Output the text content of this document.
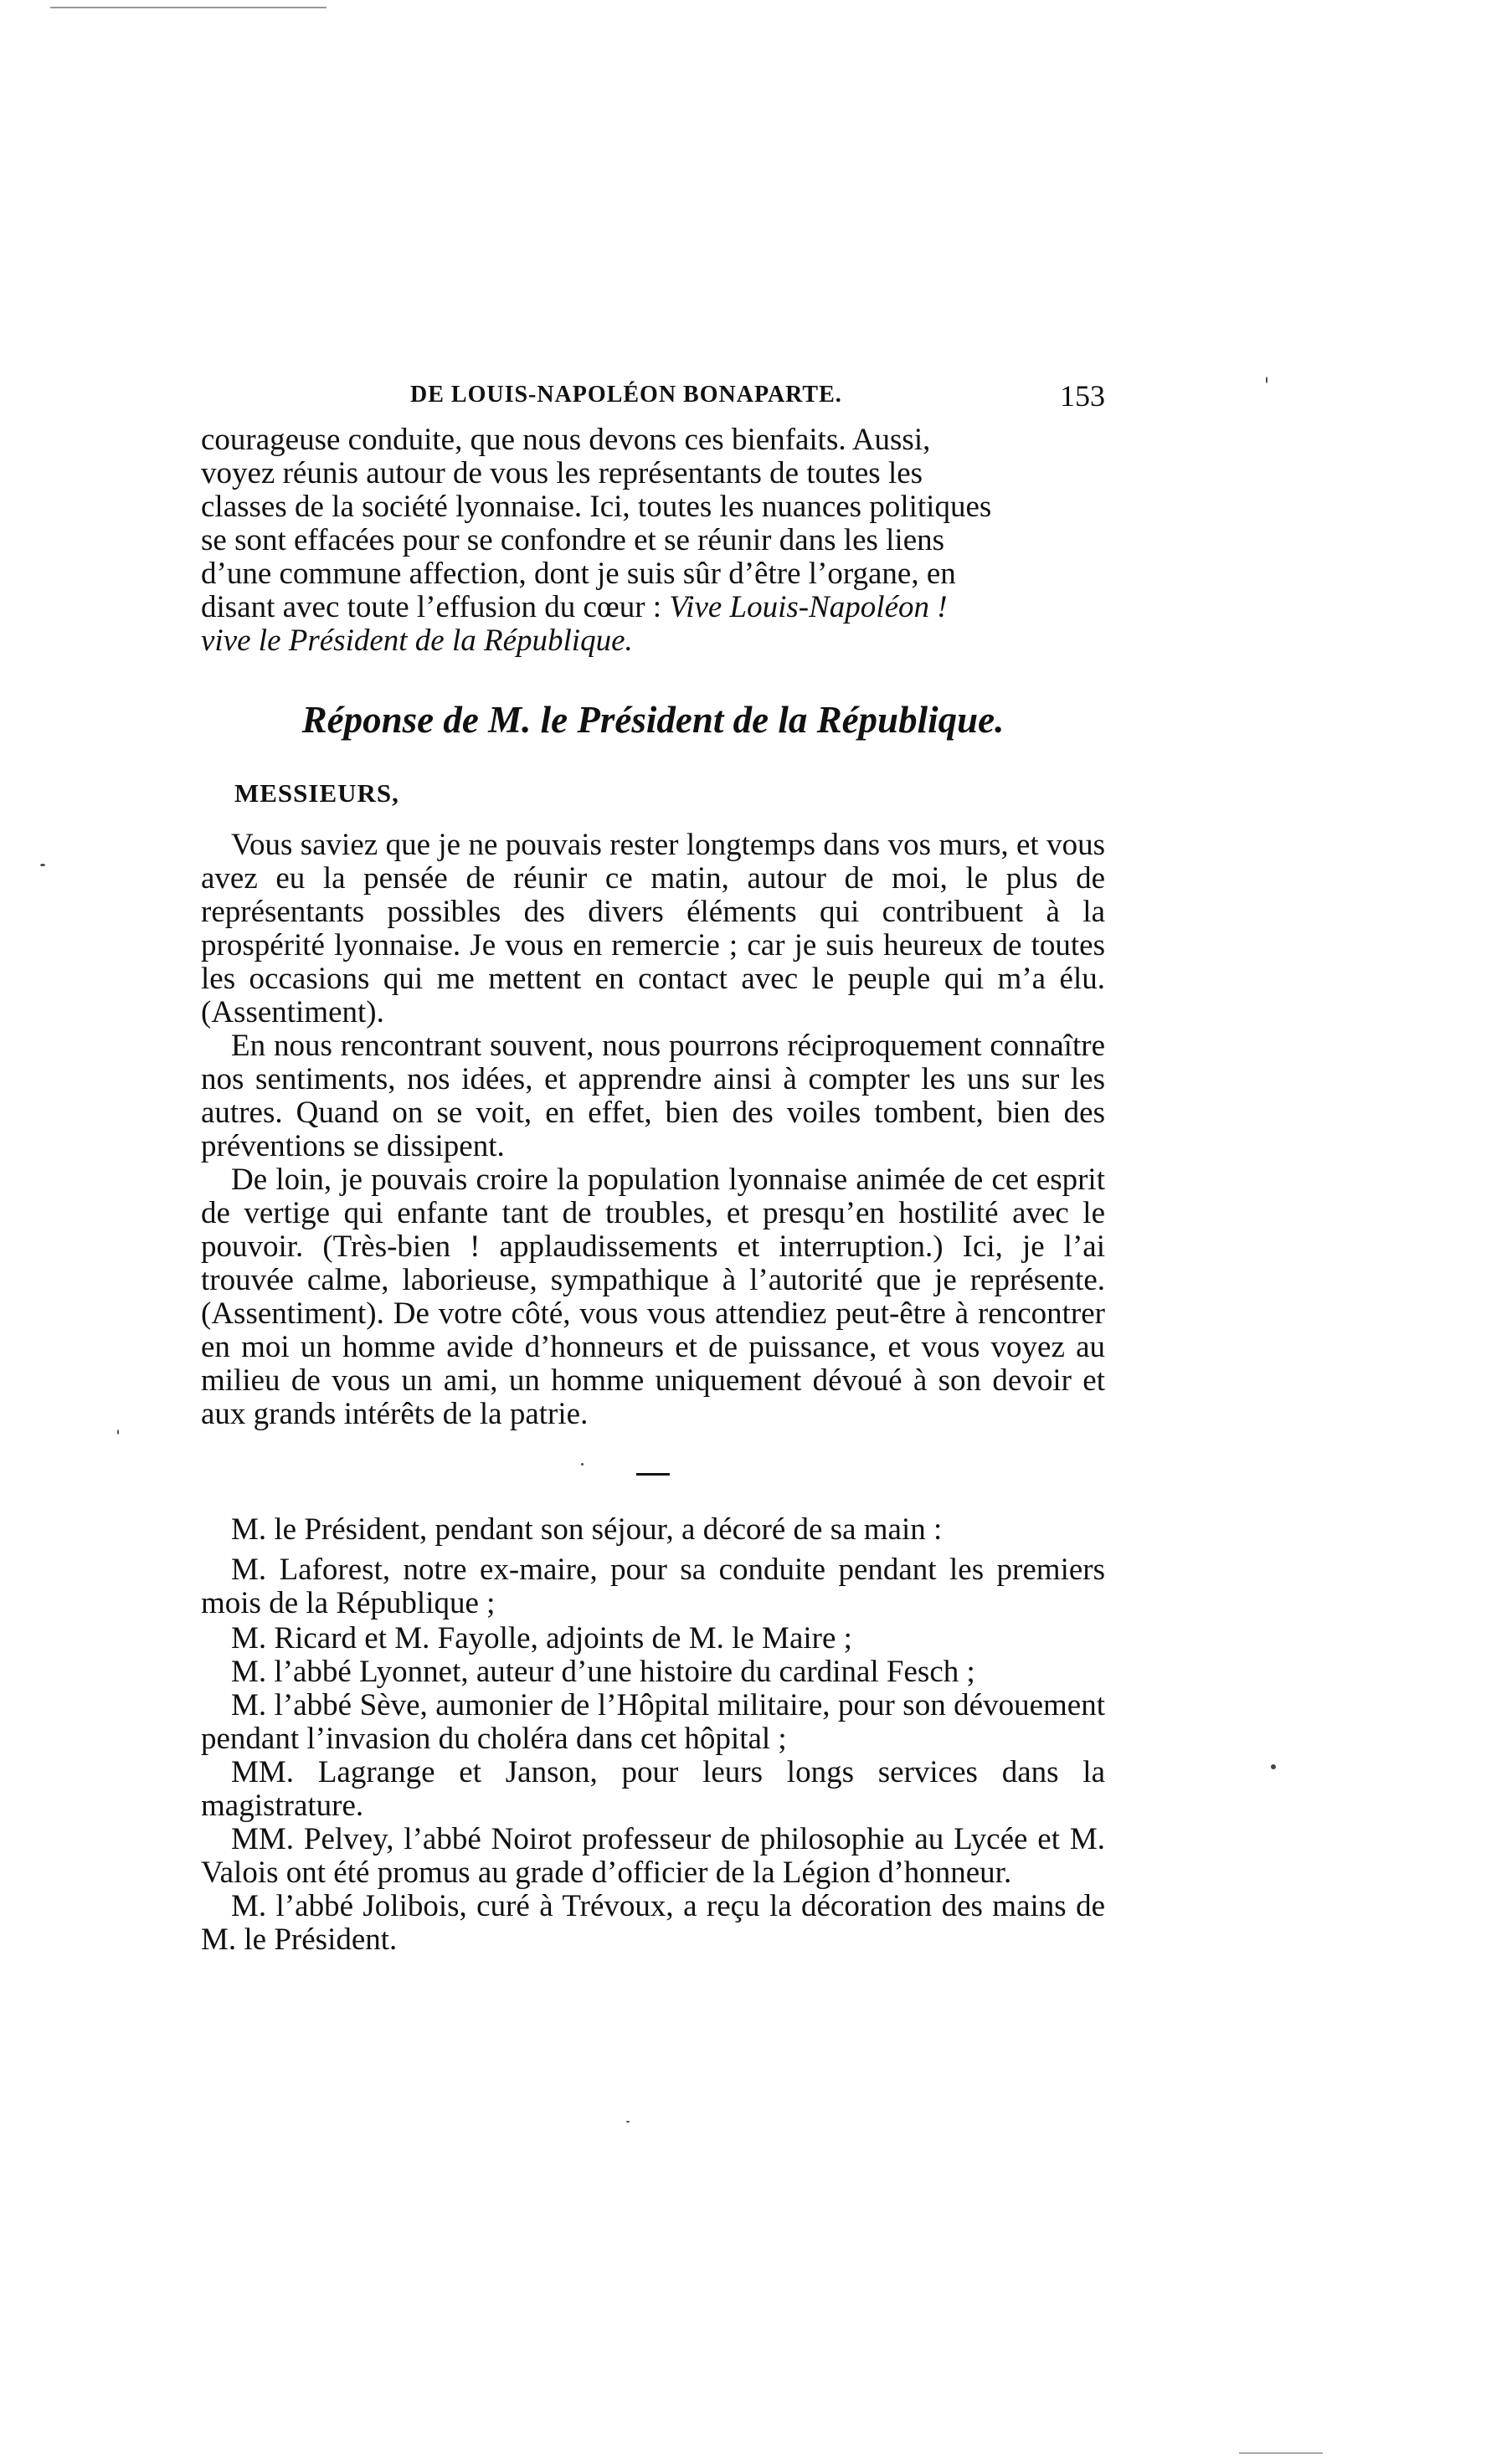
DE LOUIS-NAPOLÉON BONAPARTE.	153

courageuse conduite, que nous devons ces bienfaits. Aussi,

voyez réunis autour de vous les représentants de toutes les

classes de la société lyonnaise. Ici, toutes les nuances politiques

se sont effacées pour se confondre et se réunir dans les liens

d’une commune affection, dont je suis sûr d’être l’organe, en

disant avec toute l’effusion du cœur : Vive Louis-Napoléon !

vive le Président de la République.

Réponse de M. le Président de la République.
MESSIEURS,

Vous saviez que je ne pouvais rester longtemps dans vos murs, et vous avez eu la pensée de réunir ce matin, autour de moi, le plus de représentants possibles des divers éléments qui contribuent à la prospérité lyonnaise. Je vous en remercie ; car je suis heureux de toutes les occasions qui me mettent en contact avec le peuple qui m’a élu. (Assentiment).

En nous rencontrant souvent, nous pourrons réciproquement connaître nos sentiments, nos idées, et apprendre ainsi à compter les uns sur les autres. Quand on se voit, en effet, bien des voiles tombent, bien des préventions se dissipent.

De loin, je pouvais croire la population lyonnaise animée de cet esprit de vertige qui enfante tant de troubles, et presqu’en hostilité avec le pouvoir. (Très-bien ! applaudissements et interruption.) Ici, je l’ai trouvée calme, laborieuse, sympathique à l’autorité que je représente. (Assentiment). De votre côté, vous vous attendiez peut-être à rencontrer en moi un homme avide d’honneurs et de puissance, et vous voyez au milieu de vous un ami, un homme uniquement dévoué à son devoir et aux grands intérêts de la patrie.

M. le Président, pendant son séjour, a décoré de sa main :

M. Laforest, notre ex-maire, pour sa conduite pendant les premiers mois de la République ;

M. Ricard et M. Fayolle, adjoints de M. le Maire ;

M. l’abbé Lyonnet, auteur d’une histoire du cardinal Fesch ;

M. l’abbé Sève, aumonier de l’Hôpital militaire, pour son dévouement pendant l’invasion du choléra dans cet hôpital ;

MM. Lagrange et Janson, pour leurs longs services dans la magistrature.

MM. Pelvey, l’abbé Noirot professeur de philosophie au Lycée et M. Valois ont été promus au grade d’officier de la Légion d’honneur.

M. l’abbé Jolibois, curé à Trévoux, a reçu la décoration des mains de M. le Président.
